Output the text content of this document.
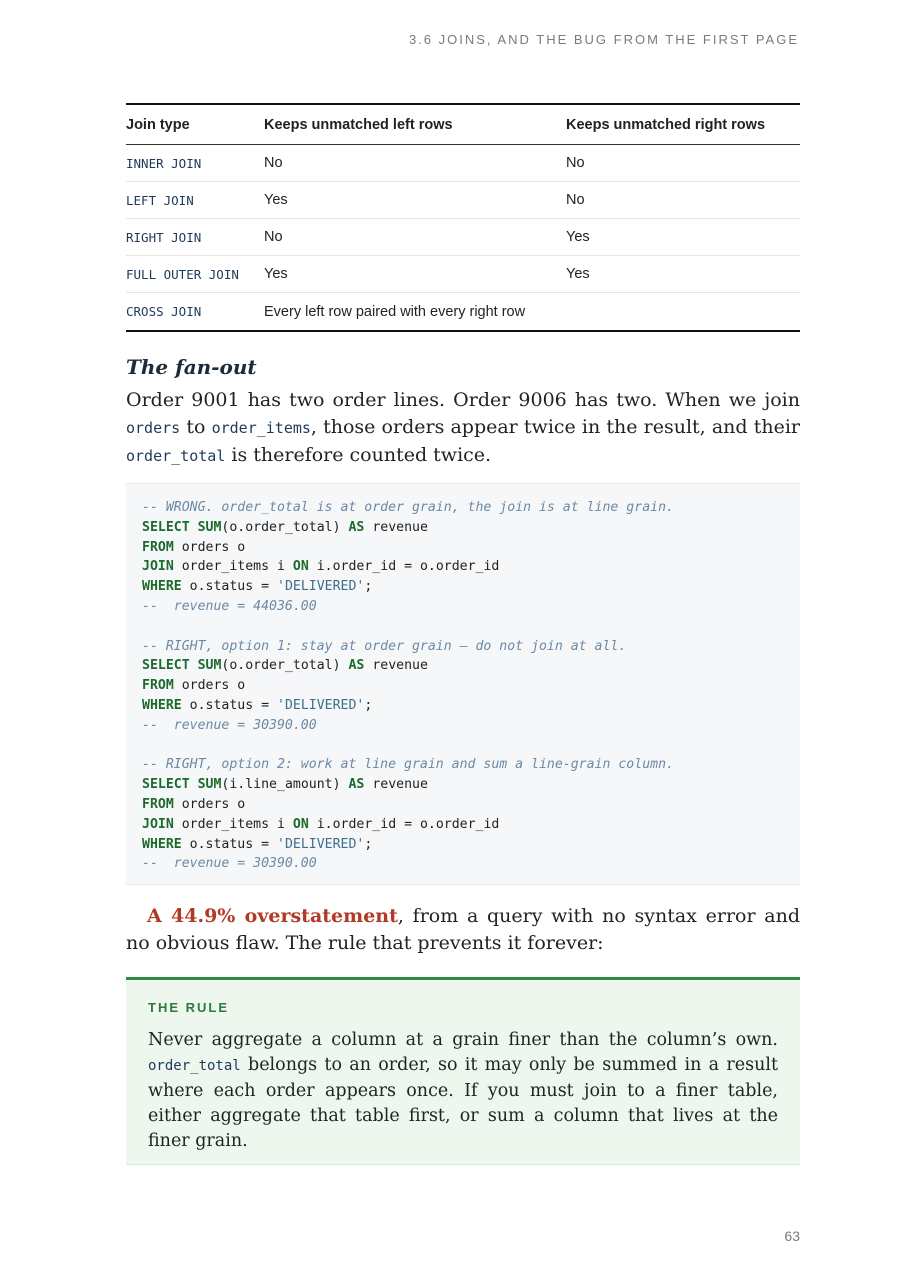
3.6 JOINS, AND THE BUG FROM THE FIRST PAGE
Join type	Keeps unmatched left rows	Keeps unmatched right rows
INNER JOIN	No	No
LEFT JOIN	Yes	No
RIGHT JOIN	No	Yes
FULL OUTER JOIN	Yes	Yes
CROSS JOIN	Every left row paired with every right row	
The fan-out

Order 9001 has two order lines. Order 9006 has two. When we join orders to order_items, those orders appear twice in the result, and their order_total is therefore counted twice.

-- WRONG. order_total is at order grain, the join is at line grain.
SELECT SUM(o.order_total) AS revenue
FROM orders o
JOIN order_items i ON i.order_id = o.order_id
WHERE o.status = 'DELIVERED';
--  revenue = 44036.00

-- RIGHT, option 1: stay at order grain — do not join at all.
SELECT SUM(o.order_total) AS revenue
FROM orders o
WHERE o.status = 'DELIVERED';
--  revenue = 30390.00

-- RIGHT, option 2: work at line grain and sum a line-grain column.
SELECT SUM(i.line_amount) AS revenue
FROM orders o
JOIN order_items i ON i.order_id = o.order_id
WHERE o.status = 'DELIVERED';
--  revenue = 30390.00

A 44.9% overstatement, from a query with no syntax error and no obvious flaw. The rule that prevents it forever:

THE RULE

Never aggregate a column at a grain finer than the column’s own. order_total belongs to an order, so it may only be summed in a result where each order appears once. If you must join to a finer table, either aggregate that table first, or sum a column that lives at the finer grain.

63
